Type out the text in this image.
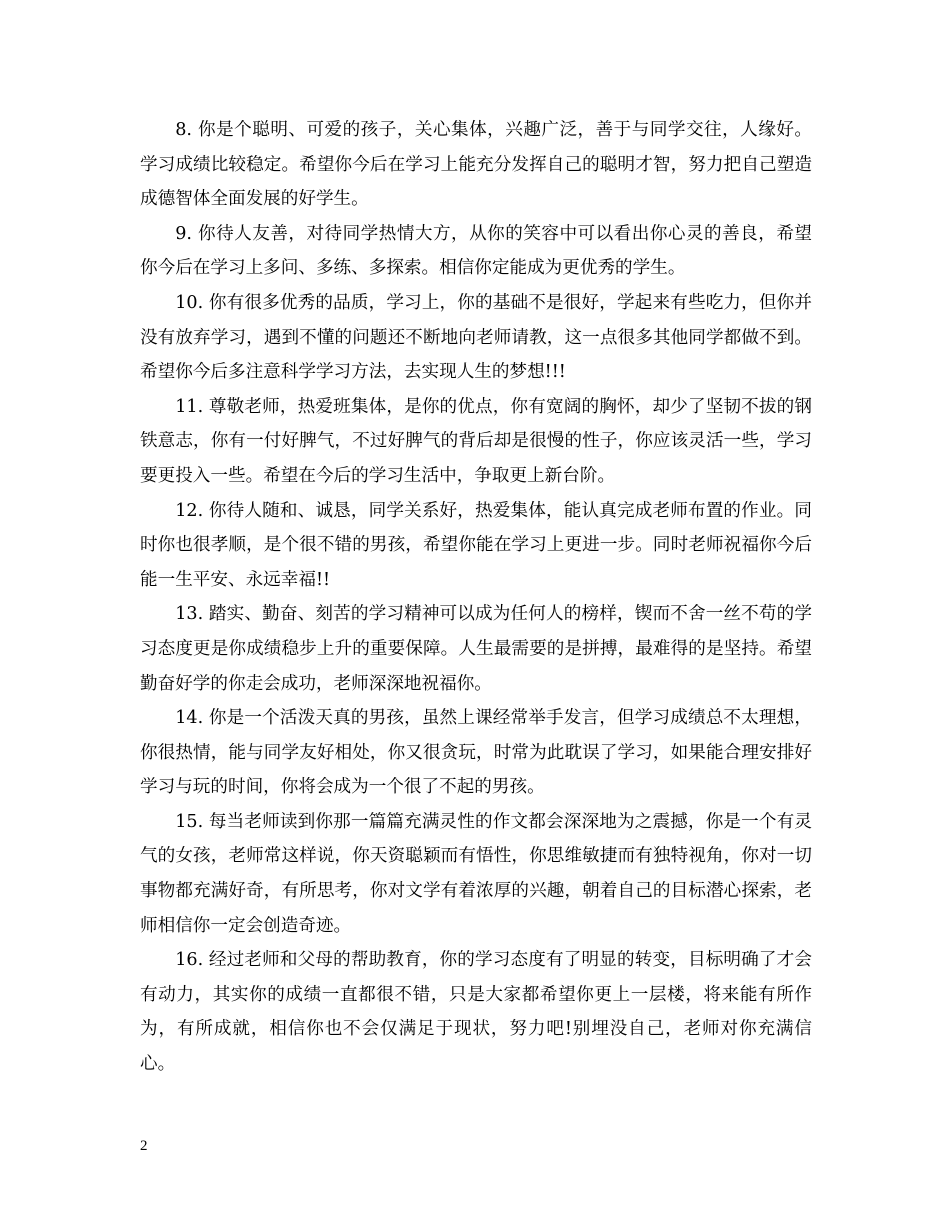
8. 你是个聪明、可爱的孩子，关心集体，兴趣广泛，善于与同学交往，人缘好。学习成绩比较稳定。希望你今后在学习上能充分发挥自己的聪明才智，努力把自己塑造成德智体全面发展的好学生。

9. 你待人友善，对待同学热情大方，从你的笑容中可以看出你心灵的善良，希望你今后在学习上多问、多练、多探索。相信你定能成为更优秀的学生。

10. 你有很多优秀的品质，学习上，你的基础不是很好，学起来有些吃力，但你并没有放弃学习，遇到不懂的问题还不断地向老师请教，这一点很多其他同学都做不到。希望你今后多注意科学学习方法，去实现人生的梦想!!!

11. 尊敬老师，热爱班集体，是你的优点，你有宽阔的胸怀，却少了坚韧不拔的钢铁意志，你有一付好脾气，不过好脾气的背后却是很慢的性子，你应该灵活一些，学习要更投入一些。希望在今后的学习生活中，争取更上新台阶。

12. 你待人随和、诚恳，同学关系好，热爱集体，能认真完成老师布置的作业。同时你也很孝顺，是个很不错的男孩，希望你能在学习上更进一步。同时老师祝福你今后能一生平安、永远幸福!!

13. 踏实、勤奋、刻苦的学习精神可以成为任何人的榜样，锲而不舍一丝不苟的学习态度更是你成绩稳步上升的重要保障。人生最需要的是拼搏，最难得的是坚持。希望勤奋好学的你走会成功，老师深深地祝福你。

14. 你是一个活泼天真的男孩，虽然上课经常举手发言，但学习成绩总不太理想，你很热情，能与同学友好相处，你又很贪玩，时常为此耽误了学习，如果能合理安排好学习与玩的时间，你将会成为一个很了不起的男孩。

15. 每当老师读到你那一篇篇充满灵性的作文都会深深地为之震撼，你是一个有灵气的女孩，老师常这样说，你天资聪颖而有悟性，你思维敏捷而有独特视角，你对一切事物都充满好奇，有所思考，你对文学有着浓厚的兴趣，朝着自己的目标潜心探索，老师相信你一定会创造奇迹。

16. 经过老师和父母的帮助教育，你的学习态度有了明显的转变，目标明确了才会有动力，其实你的成绩一直都很不错，只是大家都希望你更上一层楼，将来能有所作为，有所成就，相信你也不会仅满足于现状，努力吧!别埋没自己，老师对你充满信心。

2
